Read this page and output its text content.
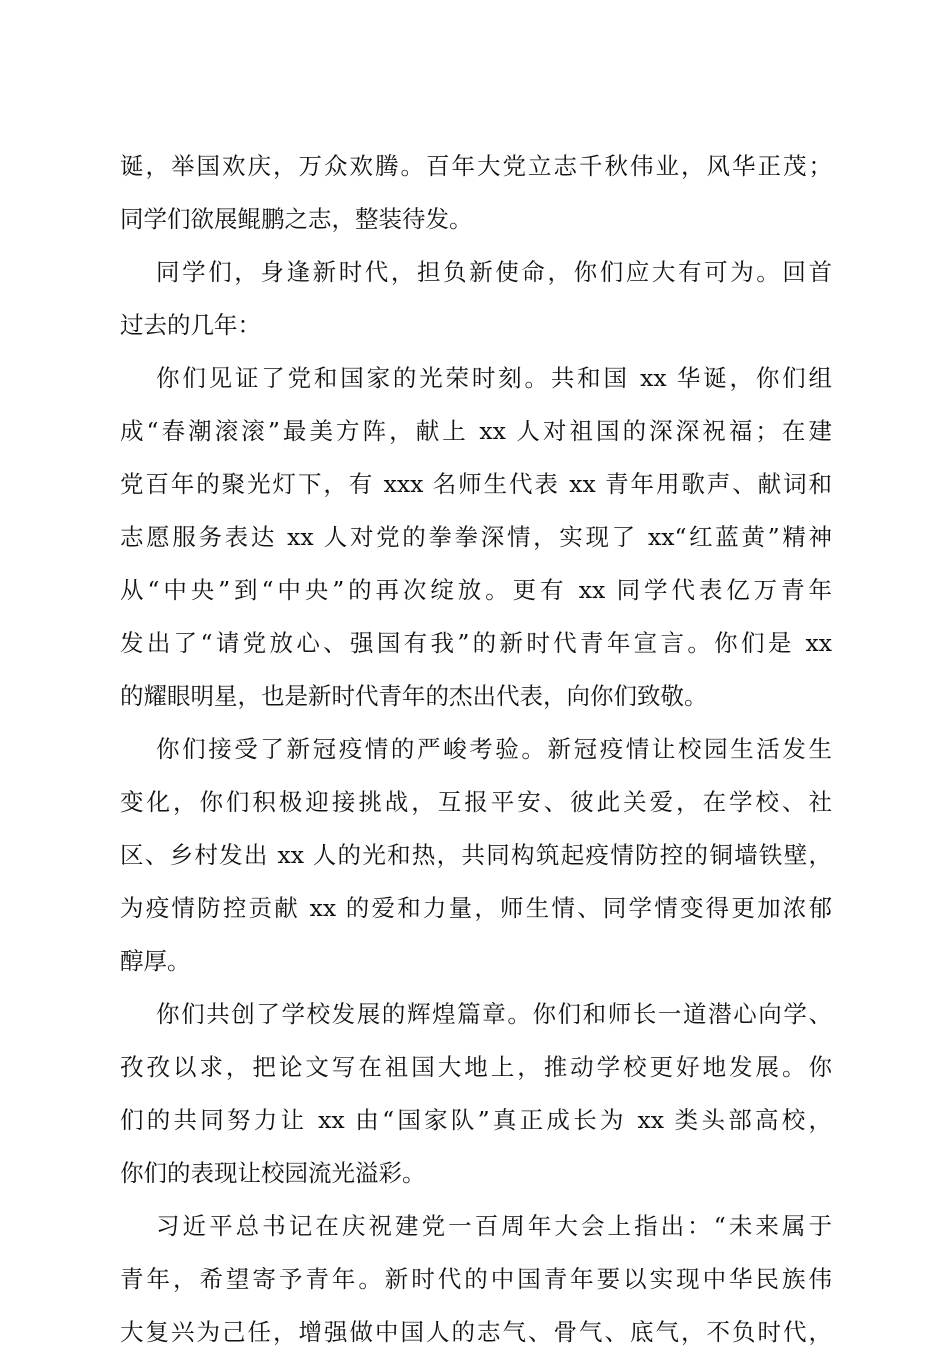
诞，举国欢庆，万众欢腾。百年大党立志千秋伟业，风华正茂；
同学们欲展鲲鹏之志，整装待发。
同学们，身逢新时代，担负新使命，你们应大有可为。回首
过去的几年：
你们见证了党和国家的光荣时刻。共和国 xx 华诞，你们组
成“春潮滚滚”最美方阵，献上 xx 人对祖国的深深祝福；在建
党百年的聚光灯下，有 xxx 名师生代表 xx 青年用歌声、献词和
志愿服务表达 xx 人对党的拳拳深情，实现了 xx“红蓝黄”精神
从“中央”到“中央”的再次绽放。更有 xx 同学代表亿万青年
发出了“请党放心、强国有我”的新时代青年宣言。你们是 xx
的耀眼明星，也是新时代青年的杰出代表，向你们致敬。
你们接受了新冠疫情的严峻考验。新冠疫情让校园生活发生
变化，你们积极迎接挑战，互报平安、彼此关爱，在学校、社
区、乡村发出 xx 人的光和热，共同构筑起疫情防控的铜墙铁壁，
为疫情防控贡献 xx 的爱和力量，师生情、同学情变得更加浓郁
醇厚。
你们共创了学校发展的辉煌篇章。你们和师长一道潜心向学、
孜孜以求，把论文写在祖国大地上，推动学校更好地发展。你
们的共同努力让 xx 由“国家队”真正成长为 xx 类头部高校，
你们的表现让校园流光溢彩。
习近平总书记在庆祝建党一百周年大会上指出：“未来属于
青年，希望寄予青年。新时代的中国青年要以实现中华民族伟
大复兴为己任，增强做中国人的志气、骨气、底气，不负时代，
